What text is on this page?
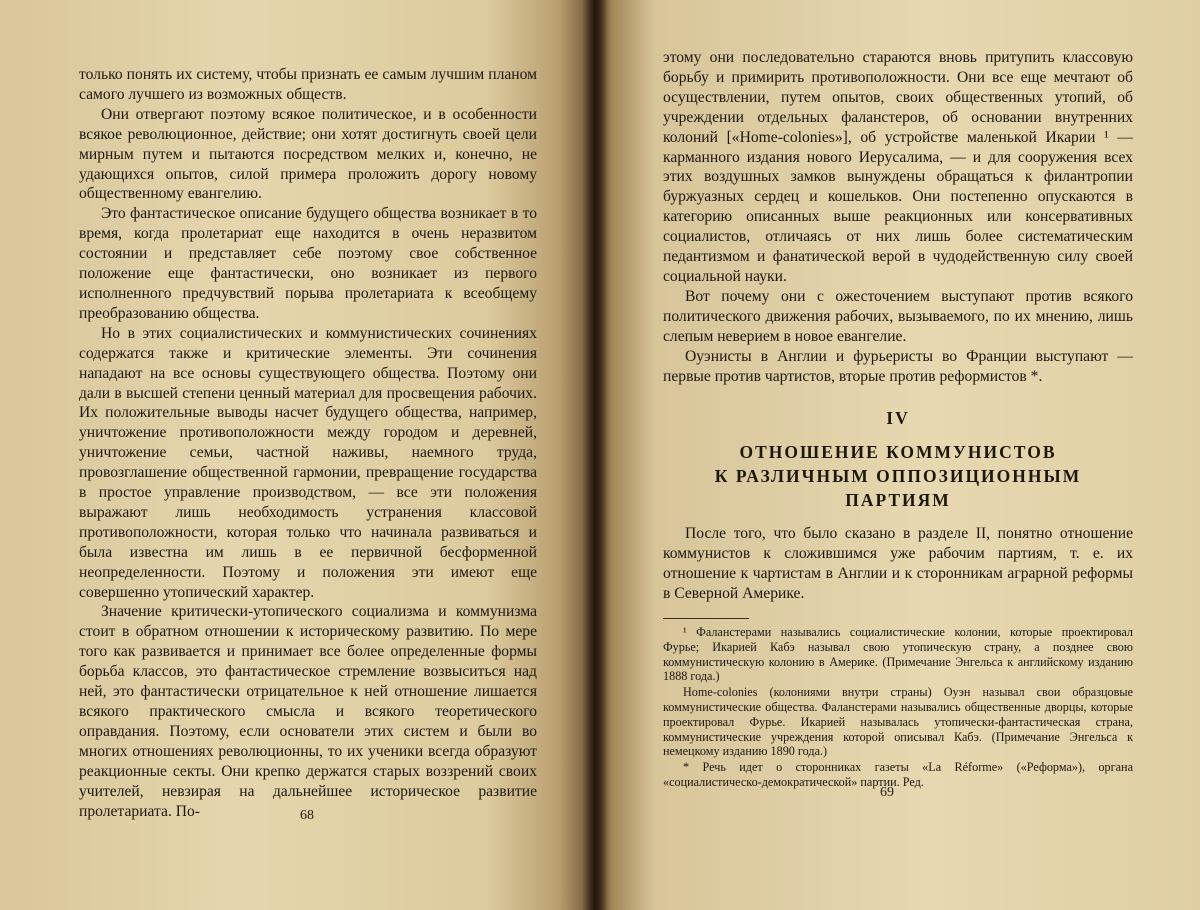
только понять их систему, чтобы признать ее самым лучшим планом самого лучшего из возможных обществ.

Они отвергают поэтому всякое политическое, и в особенности всякое революционное, действие; они хотят достигнуть своей цели мирным путем и пытаются посредством мелких и, конечно, не удающихся опытов, силой примера проложить дорогу новому общественному евангелию.

Это фантастическое описание будущего общества возникает в то время, когда пролетариат еще находится в очень неразвитом состоянии и представляет себе поэтому свое собственное положение еще фантастически, оно возникает из первого исполненного предчувствий порыва пролетариата к всеобщему преобразованию общества.

Но в этих социалистических и коммунистических сочинениях содержатся также и критические элементы. Эти сочинения нападают на все основы существующего общества. Поэтому они дали в высшей степени ценный материал для просвещения рабочих. Их положительные выводы насчет будущего общества, например, уничтожение противоположности между городом и деревней, уничтожение семьи, частной наживы, наемного труда, провозглашение общественной гармонии, превращение государства в простое управление производством, — все эти положения выражают лишь необходимость устранения классовой противоположности, которая только что начинала развиваться и была известна им лишь в ее первичной бесформенной неопределенности. Поэтому и положения эти имеют еще совершенно утопический характер.

Значение критически-утопического социализма и коммунизма стоит в обратном отношении к историческому развитию. По мере того как развивается и принимает все более определенные формы борьба классов, это фантастическое стремление возвыситься над ней, это фантастически отрицательное к ней отношение лишается всякого практического смысла и всякого теоретического оправдания. Поэтому, если основатели этих систем и были во многих отношениях революционны, то их ученики всегда образуют реакционные секты. Они крепко держатся старых воззрений своих учителей, невзирая на дальнейшее историческое развитие пролетариата. По-	68

этому они последовательно стараются вновь притупить классовую борьбу и примирить противоположности. Они все еще мечтают об осуществлении, путем опытов, своих общественных утопий, об учреждении отдельных фаланстеров, об основании внутренних колоний [«Home-colonies»], об устройстве маленькой Икарии ¹ — карманного издания нового Иерусалима, — и для сооружения всех этих воздушных замков вынуждены обращаться к филантропии буржуазных сердец и кошельков. Они постепенно опускаются в категорию описанных выше реакционных или консервативных социалистов, отличаясь от них лишь более систематическим педантизмом и фанатической верой в чудодейственную силу своей социальной науки.

Вот почему они с ожесточением выступают против всякого политического движения рабочих, вызываемого, по их мнению, лишь слепым неверием в новое евангелие.

Оуэнисты в Англии и фурьеристы во Франции выступают — первые против чартистов, вторые против реформистов *.

IV

ОТНОШЕНИЕ КОММУНИСТОВ

К РАЗЛИЧНЫМ ОППОЗИЦИОННЫМ

ПАРТИЯМ

После того, что было сказано в разделе II, понятно отношение коммунистов к сложившимся уже рабочим партиям, т. е. их отношение к чартистам в Англии и к сторонникам аграрной реформы в Северной Америке.

¹ Фаланстерами назывались социалистические колонии, которые проектировал Фурье; Икарией Кабэ называл свою утопическую страну, а позднее свою коммунистическую колонию в Америке. (Примечание Энгельса к английскому изданию 1888 года.)

Home-colonies (колониями внутри страны) Оуэн называл свои образцовые коммунистические общества. Фаланстерами назывались общественные дворцы, которые проектировал Фурье. Икарией называлась утопически-фантастическая страна, коммунистические учреждения которой описывал Кабэ. (Примечание Энгельса к немецкому изданию 1890 года.)

* Речь идет о сторонниках газеты «La Réforme» («Реформа»), органа «социалистическо-демократической» партии. Ред.

69
